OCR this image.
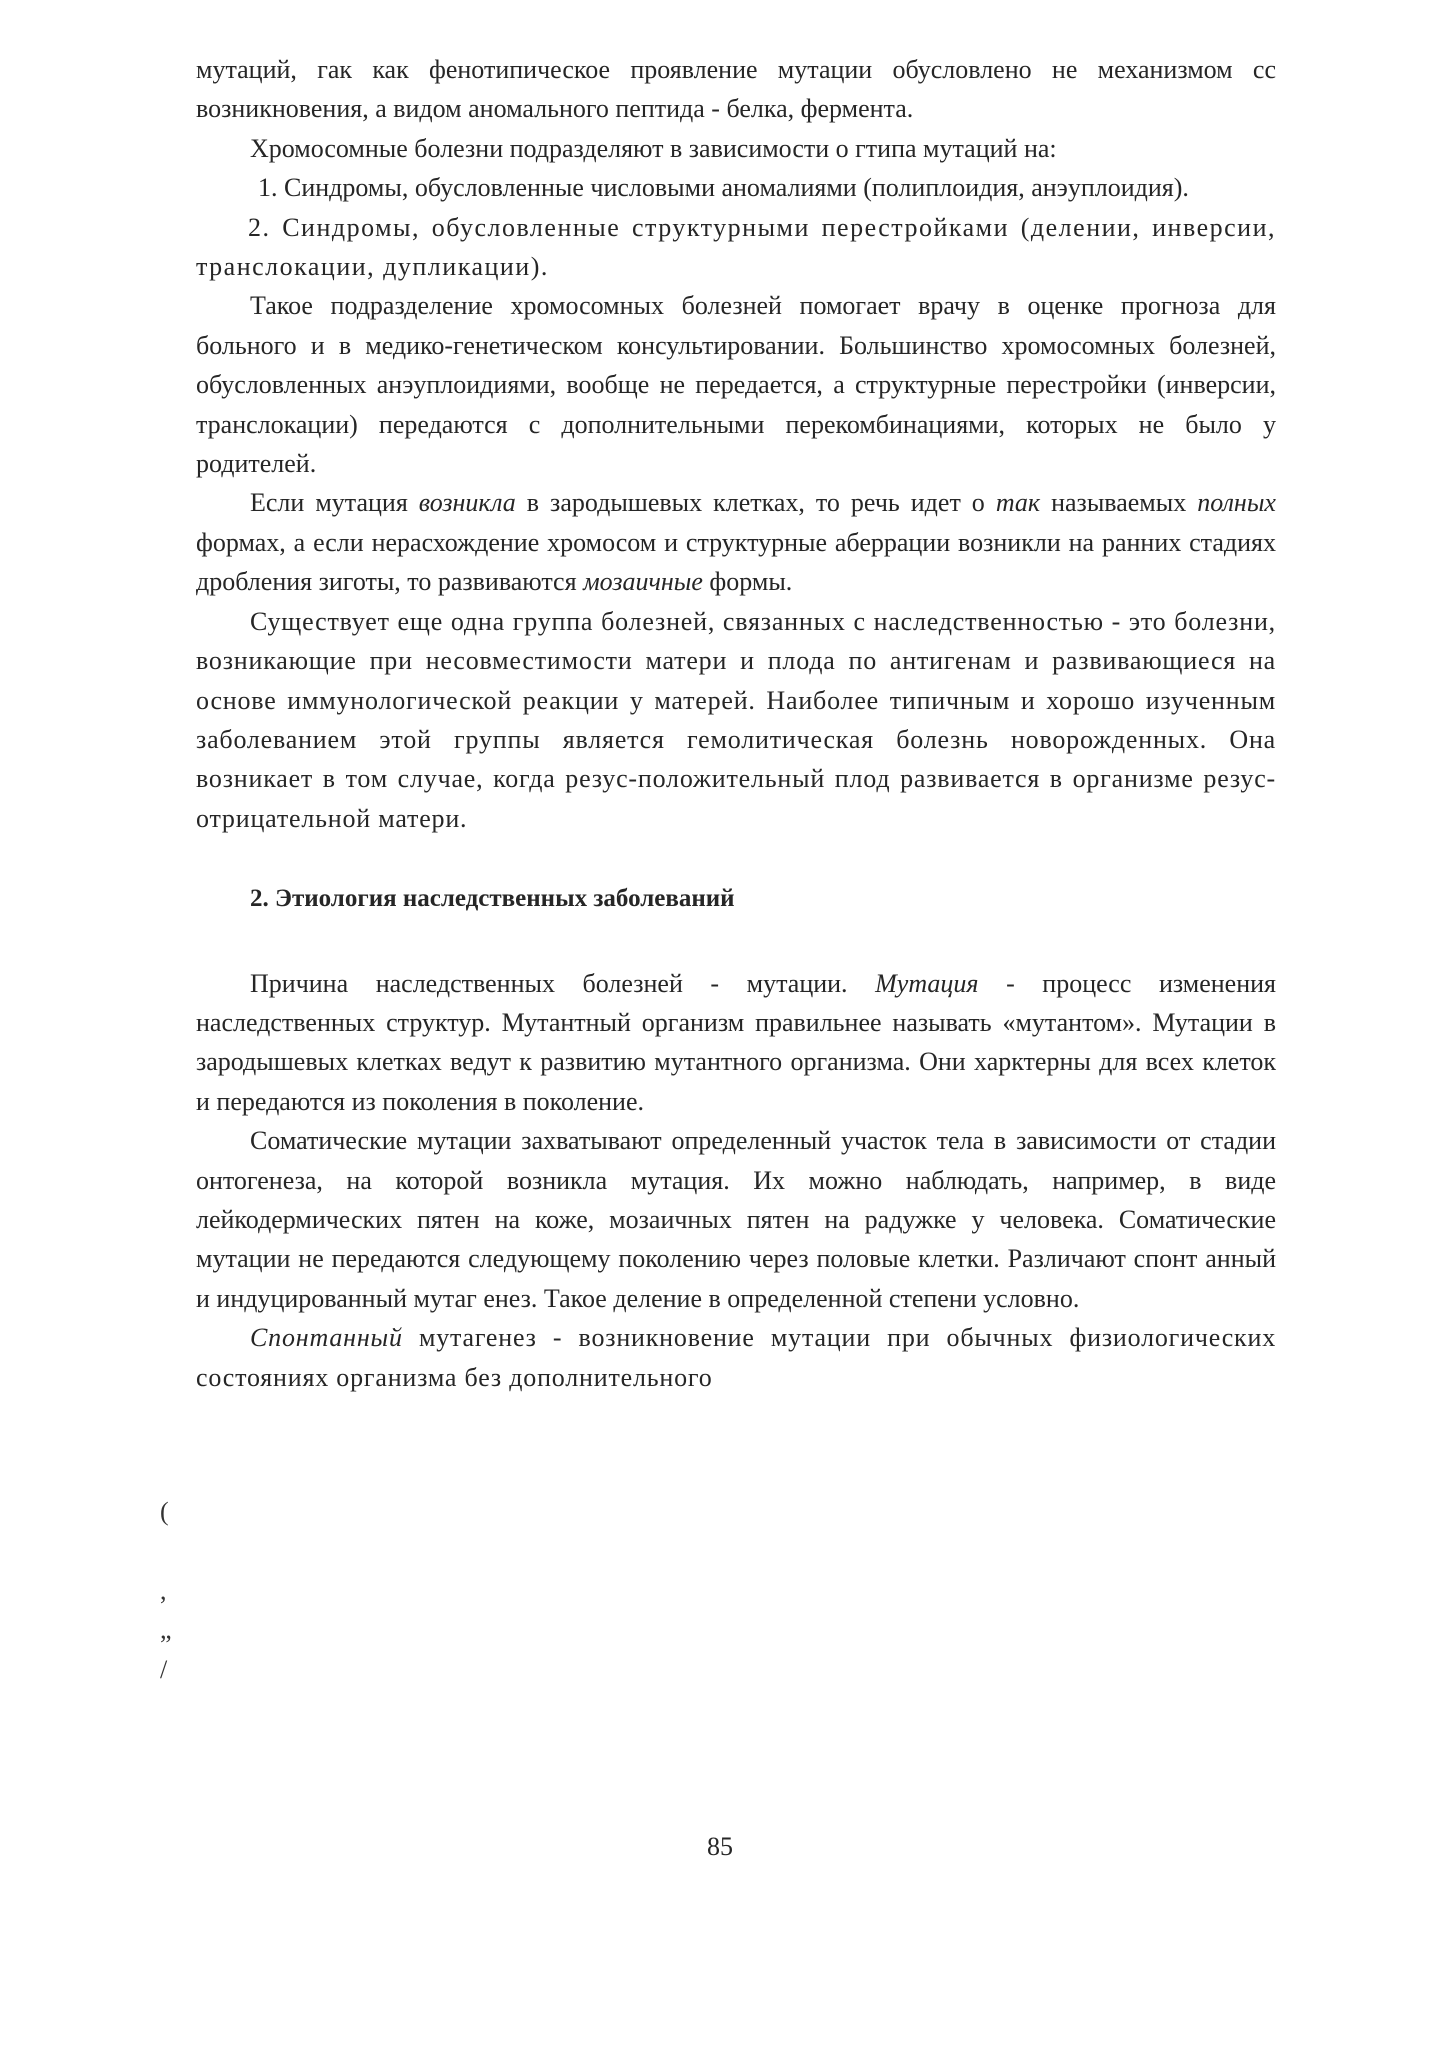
мутаций, гак как фенотипическое проявление мутации обусловлено не механизмом сс возникновения, а видом аномального пептида - белка, фермента.

Хромосомные болезни подразделяют в зависимости о гтипа мутаций на:

1. Синдромы, обусловленные числовыми аномалиями (полиплоидия, анэуплоидия).

2. Синдромы, обусловленные структурными перестройками (делении, инверсии, транслокации, дупликации).

Такое подразделение хромосомных болезней помогает врачу в оценке прогноза для больного и в медико-генетическом консультировании. Большинство хромосомных болезней, обусловленных анэуплоидиями, вообще не передается, а структурные перестройки (инверсии, транслокации) передаются с дополнительными перекомбинациями, которых не было у родителей.

Если мутация возникла в зародышевых клетках, то речь идет о так называемых полных формах, а если нерасхождение хромосом и структурные аберрации возникли на ранних стадиях дробления зиготы, то развиваются мозаичные формы.

Существует еще одна группа болезней, связанных с наследственностью - это болезни, возникающие при несовместимости матери и плода по антигенам и развивающиеся на основе иммунологической реакции у матерей. Наиболее типичным и хорошо изученным заболеванием этой группы является гемолитическая болезнь новорожденных. Она возникает в том случае, когда резус-положительный плод развивается в организме резус-отрицательной матери.

2. Этиология наследственных заболеваний

Причина наследственных болезней - мутации. Мутация - процесс изменения наследственных структур. Мутантный организм правильнее называть «мутантом». Мутации в зародышевых клетках ведут к развитию мутантного организма. Они харктерны для всех клеток и передаются из поколения в поколение.

Соматические мутации захватывают определенный участок тела в зависимости от стадии онтогенеза, на которой возникла мутация. Их можно наблюдать, например, в виде лейкодермических пятен на коже, мозаичных пятен на радужке у человека. Соматические мутации не передаются следующему поколению через половые клетки. Различают спонт анный и индуцированный мутаг енез. Такое деление в определенной степени условно.

Спонтанный мутагенез - возникновение мутации при обычных физиологических состояниях организма без дополнительного

(
,
„
/
85
